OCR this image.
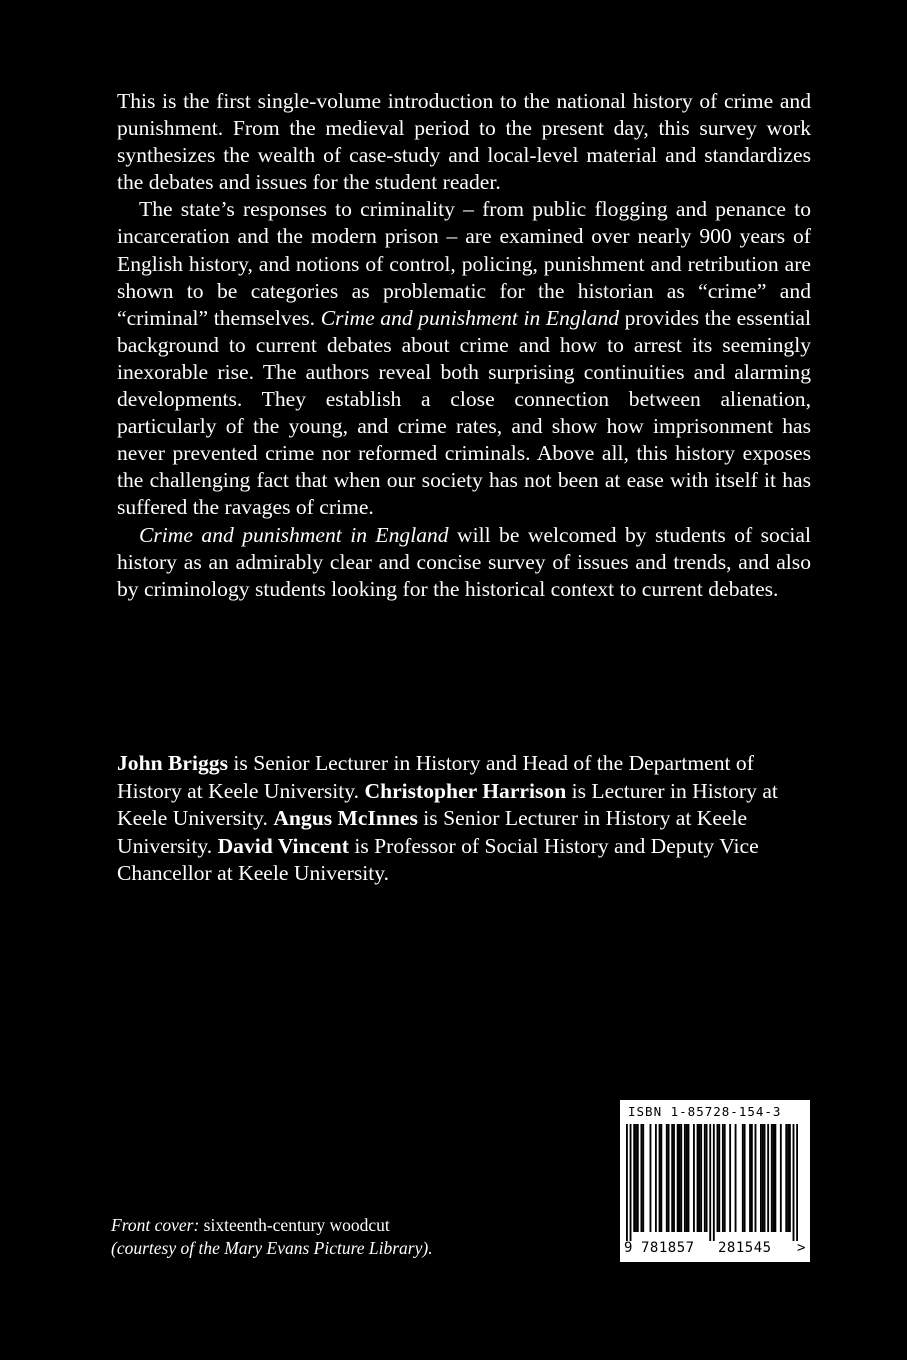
This is the first single-volume introduction to the national history of crime and punishment. From the medieval period to the present day, this survey work synthesizes the wealth of case-study and local-level material and standardizes the debates and issues for the student reader.

The state’s responses to criminality – from public flogging and penance to incarceration and the modern prison – are examined over nearly 900 years of English history, and notions of control, policing, punishment and retribution are shown to be categories as problematic for the historian as “crime” and “criminal” themselves. Crime and punishment in England provides the essential background to current debates about crime and how to arrest its seemingly inexorable rise. The authors reveal both surprising continuities and alarming developments. They establish a close connection between alienation, particularly of the young, and crime rates, and show how imprisonment has never prevented crime nor reformed criminals. Above all, this history exposes the challenging fact that when our society has not been at ease with itself it has suffered the ravages of crime.

Crime and punishment in England will be welcomed by students of social history as an admirably clear and concise survey of issues and trends, and also by criminology students looking for the historical context to current debates.

John Briggs is Senior Lecturer in History and Head of the Department of History at Keele University. Christopher Harrison is Lecturer in History at Keele University. Angus McInnes is Senior Lecturer in History at Keele University. David Vincent is Professor of Social History and Deputy Vice Chancellor at Keele University.

Front cover: sixteenth-century woodcut
(courtesy of the Mary Evans Picture Library).
ISBN 1-85728-154-3
9 781857 281545 >
